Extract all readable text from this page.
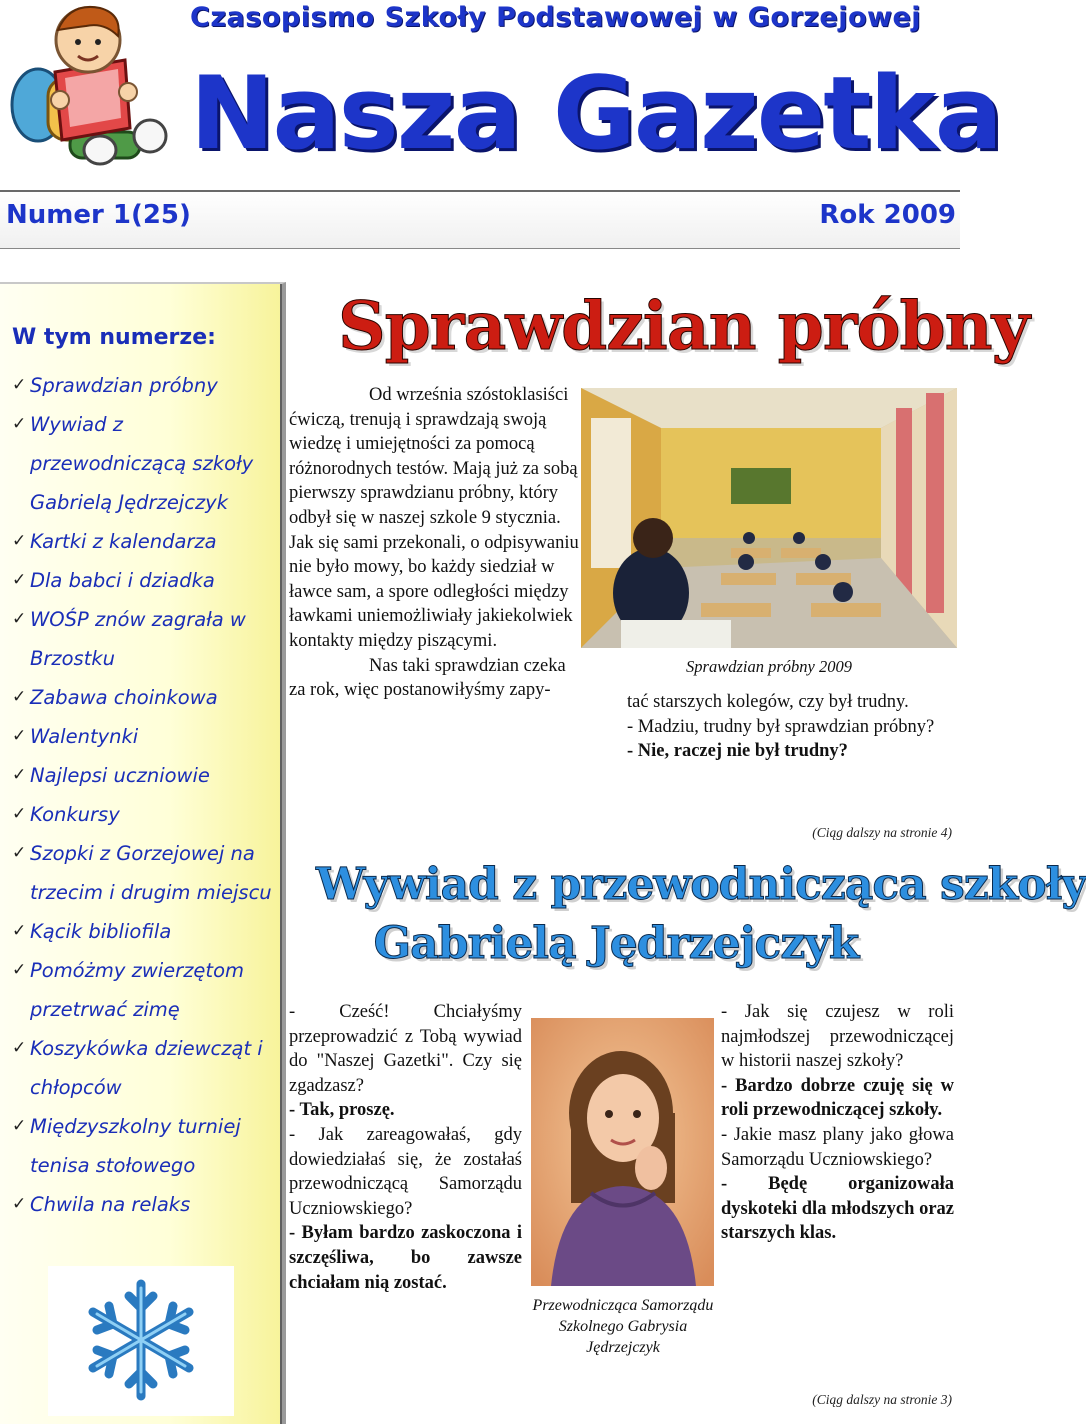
Czasopismo Szkoły Podstawowej w Gorzejowej
Nasza Gazetka
Numer 1(25)	Rok 2009
W tym numerze:
✓ Sprawdzian próbny
✓ Wywiad z przewodniczącą szkoły Gabrielą Jędrzejczyk
✓ Kartki z kalendarza
✓ Dla babci i dziadka
✓ WOŚP znów zagrała w Brzostku
✓ Zabawa choinkowa
✓ Walentynki
✓ Najlepsi uczniowie
✓ Konkursy
✓ Szopki z Gorzejowej na trzecim i drugim miejscu
✓ Kącik bibliofila
✓ Pomóżmy zwierzętom przetrwać zimę
✓ Koszykówka dziewcząt i chłopców
✓ Międzyszkolny turniej tenisa stołowego
✓ Chwila na relaks
Sprawdzian próbny

Od września szóstoklasiści ćwiczą, trenują i sprawdzają swoją wiedzę i umiejętności za pomocą różnorodnych testów. Mają już za sobą pierwszy sprawdzianu próbny, który odbył się w naszej szkole 9 stycznia. Jak się sami przekonali, o odpisywaniu nie było mowy, bo każdy siedział w ławce sam, a spore odległości między ławkami uniemożliwiały jakiekolwiek kontakty między piszącymi.

Nas taki sprawdzian czeka za rok, więc postanowiłyśmy zapy-

Sprawdzian próbny 2009
tać starszych kolegów, czy był trudny.
- Madziu, trudny był sprawdzian próbny?
- Nie, raczej nie był trudny?
(Ciąg dalszy na stronie 4)
Wywiad z przewodnicząca szkoły
Gabrielą Jędrzejczyk

- Cześć! Chciałyśmy przeprowadzić z Tobą wywiad do "Naszej Gazetki". Czy się zgadzasz?

- Tak, proszę.

- Jak zareagowałaś, gdy dowiedziałaś się, że zostałaś przewodniczącą Samorządu Uczniowskiego?

- Byłam bardzo zaskoczona i szczęśliwa, bo zawsze chciałam nią zostać.

Przewodnicząca Samorządu Szkolnego Gabrysia Jędrzejczyk

- Jak się czujesz w roli najmłodszej przewodniczącej w historii naszej szkoły?

- Bardzo dobrze czuję się w roli przewodniczącej szkoły.

- Jakie masz plany jako głowa Samorządu Uczniowskiego?

- Będę organizowała dyskoteki dla młodszych oraz starszych klas.

(Ciąg dalszy na stronie 3)
